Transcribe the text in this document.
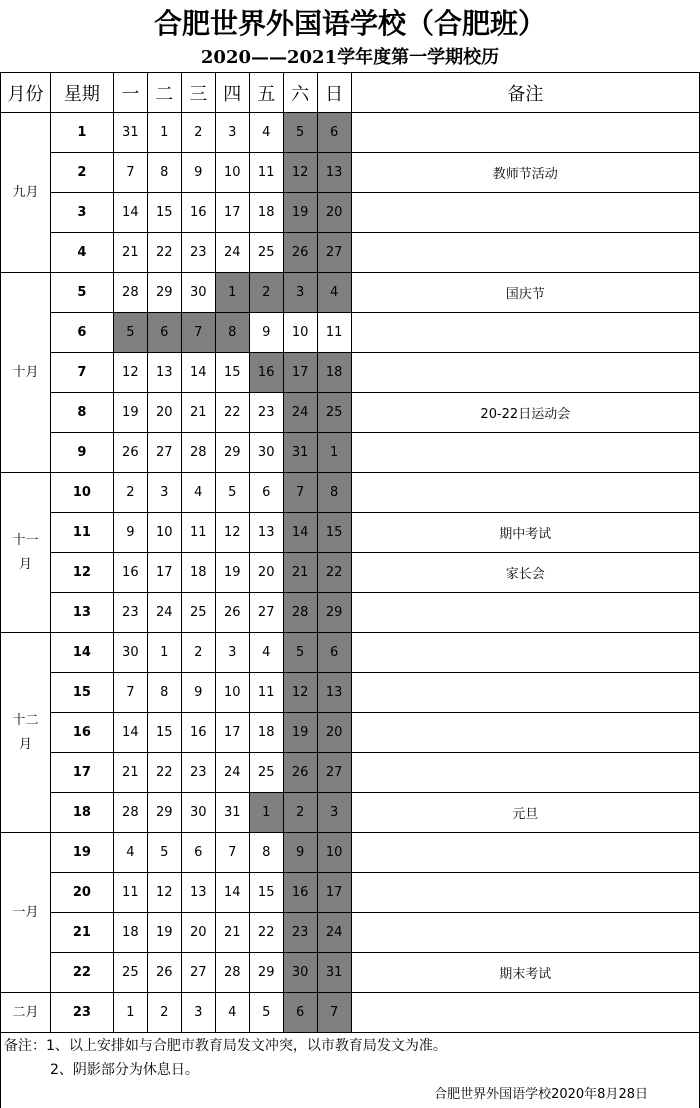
合肥世界外国语学校（合肥班）
2020——2021学年度第一学期校历
月份	星期	一	二	三	四	五	六	日	备注
九月	1	31	1	2	3	4	5	6	
	2	7	8	9	10	11	12	13	教师节活动
	3	14	15	16	17	18	19	20	
	4	21	22	23	24	25	26	27	
十月	5	28	29	30	1	2	3	4	国庆节
	6	5	6	7	8	9	10	11	
	7	12	13	14	15	16	17	18	
	8	19	20	21	22	23	24	25	20-22日运动会
	9	26	27	28	29	30	31	1	
十一
月	10	2	3	4	5	6	7	8	
	11	9	10	11	12	13	14	15	期中考试
	12	16	17	18	19	20	21	22	家长会
	13	23	24	25	26	27	28	29	
十二
月	14	30	1	2	3	4	5	6	
	15	7	8	9	10	11	12	13	
	16	14	15	16	17	18	19	20	
	17	21	22	23	24	25	26	27	
	18	28	29	30	31	1	2	3	元旦
一月	19	4	5	6	7	8	9	10	
	20	11	12	13	14	15	16	17	
	21	18	19	20	21	22	23	24	
	22	25	26	27	28	29	30	31	期末考试
二月	23	1	2	3	4	5	6	7	
备注：1、以上安排如与合肥市教育局发文冲突，以市教育局发文为准。
2、阴影部分为休息日。
合肥世界外国语学校2020年8月28日
